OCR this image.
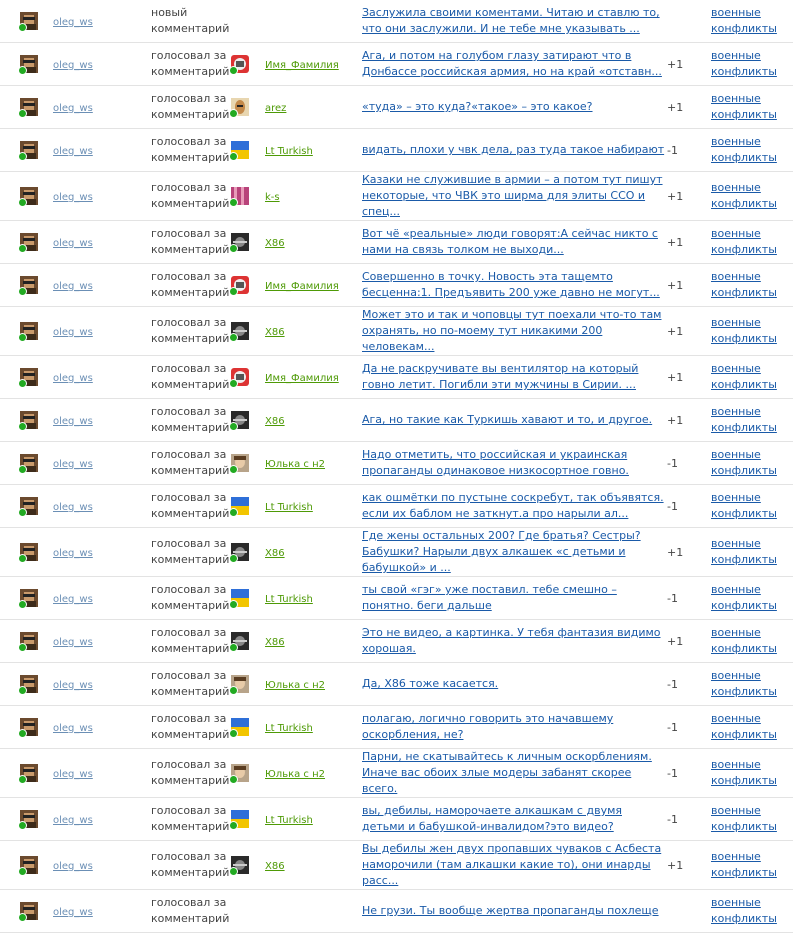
	oleg_ws	новый комментарий			Заслужила своими коментами. Читаю и ставлю то, что они заслужили. И не тебе мне указывать ...		военные конфликты

	oleg_ws	голосовал за комментарий		Имя_Фамилия	Ага, и потом на голубом глазу затирают что в Донбассе российская армия, но на край «отставн...	+1	военные конфликты

	oleg_ws	голосовал за комментарий		arez	«туда» – это куда?«такое» – это какое?	+1	военные конфликты

	oleg_ws	голосовал за комментарий		Lt Turkish	видать, плохи у чвк дела, раз туда такое набирают	-1	военные конфликты

	oleg_ws	голосовал за комментарий		k-s	Казаки не служившие в армии – а потом тут пишут некоторые, что ЧВК это ширма для элиты ССО и спец...	+1	военные конфликты

	oleg_ws	голосовал за комментарий		X86	Вот чё «реальные» люди говорят:А сейчас никто с нами на связь толком не выходи...	+1	военные конфликты

	oleg_ws	голосовал за комментарий		Имя_Фамилия	Совершенно в точку. Новость эта тащемто бесценна:1. Предъявить 200 уже давно не могут...	+1	военные конфликты

	oleg_ws	голосовал за комментарий		X86	Может это и так и чоповцы тут поехали что-то там охранять, но по-моему тут никакими 200 человекам...	+1	военные конфликты

	oleg_ws	голосовал за комментарий		Имя_Фамилия	Да не раскручивате вы вентилятор на который говно летит. Погибли эти мужчины в Сирии. ...	+1	военные конфликты

	oleg_ws	голосовал за комментарий		X86	Ага, но такие как Туркишь хавают и то, и другое.	+1	военные конфликты

	oleg_ws	голосовал за комментарий		Юлька с н2	Надо отметить, что российская и украинская пропаганды одинаковое низкосортное говно.	-1	военные конфликты

	oleg_ws	голосовал за комментарий		Lt Turkish	как ошмётки по пустыне соскребут, так объявятся. если их баблом не заткнут.а про нарыли ал...	-1	военные конфликты

	oleg_ws	голосовал за комментарий		X86	Где жены остальных 200? Где братья? Сестры? Бабушки? Нарыли двух алкашек «с детьми и бабушкой» и ...	+1	военные конфликты

	oleg_ws	голосовал за комментарий		Lt Turkish	ты свой «гэг» уже поставил. тебе смешно – понятно. беги дальше	-1	военные конфликты

	oleg_ws	голосовал за комментарий		X86	Это не видео, а картинка. У тебя фантазия видимо хорошая.	+1	военные конфликты

	oleg_ws	голосовал за комментарий		Юлька с н2	Да, X86 тоже касается.	-1	военные конфликты

	oleg_ws	голосовал за комментарий		Lt Turkish	полагаю, логично говорить это начавшему оскорбления, не?	-1	военные конфликты

	oleg_ws	голосовал за комментарий		Юлька с н2	Парни, не скатывайтесь к личным оскорблениям. Иначе вас обоих злые модеры забанят скорее всего.	-1	военные конфликты

	oleg_ws	голосовал за комментарий		Lt Turkish	вы, дебилы, наморочаете алкашкам с двумя детьми и бабушкой-инвалидом?это видео?	-1	военные конфликты

	oleg_ws	голосовал за комментарий		X86	Вы дебилы жен двух пропавших чуваков с Асбеста наморочили (там алкашки какие то), они инарды расс...	+1	военные конфликты

	oleg_ws	голосовал за комментарий			Не грузи. Ты вообще жертва пропаганды похлеще		военные конфликты
